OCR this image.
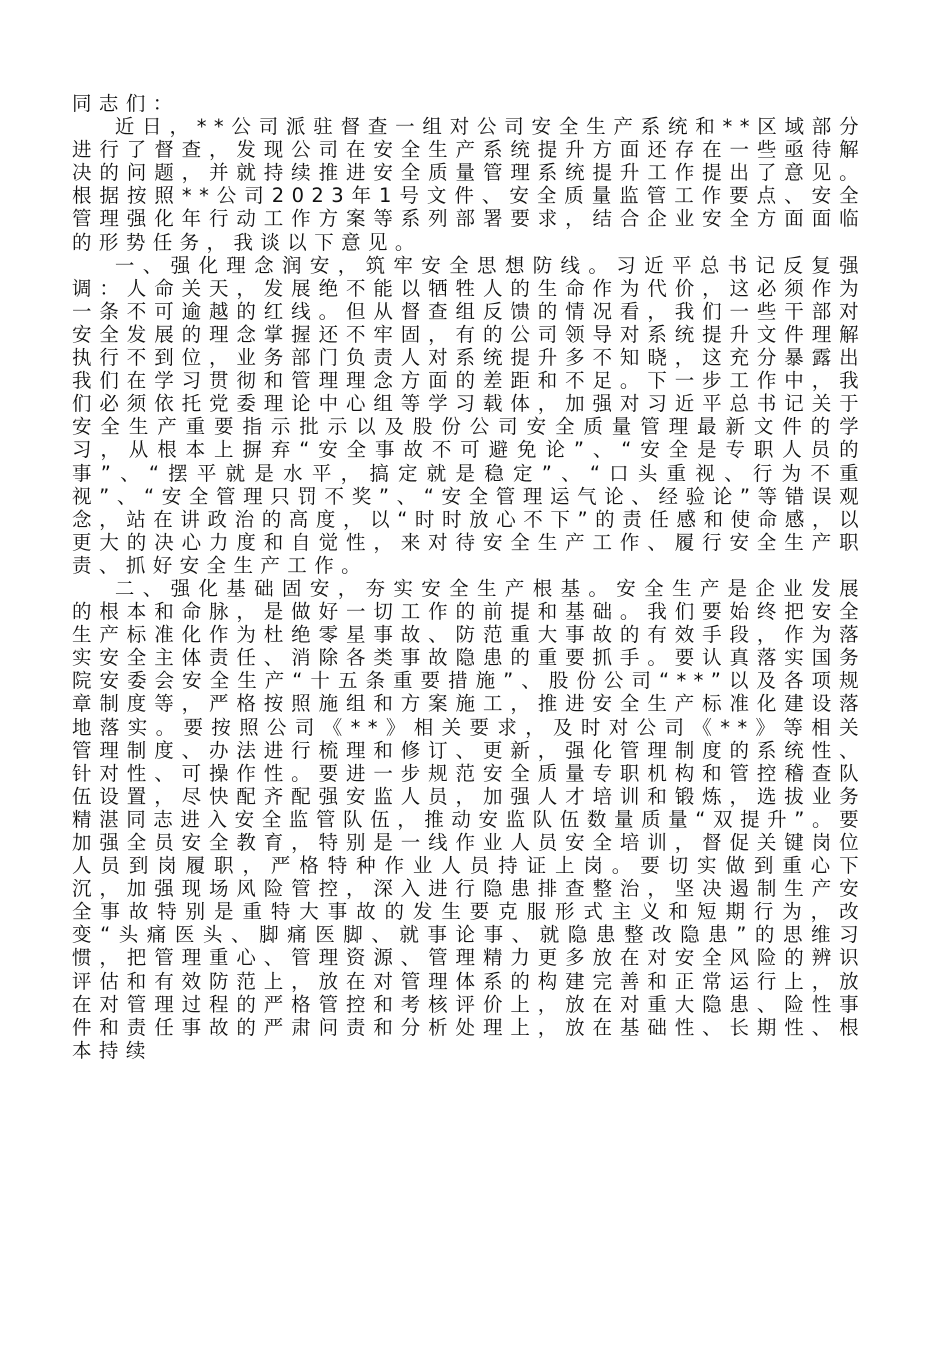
同志们：

近日，**公司派驻督查一组对公司安全生产系统和**区域部分进行了督查，发现公司在安全生产系统提升方面还存在一些亟待解决的问题，并就持续推进安全质量管理系统提升工作提出了意见。根据按照**公司2023年1号文件、安全质量监管工作要点、安全管理强化年行动工作方案等系列部署要求，结合企业安全方面面临的形势任务，我谈以下意见。

一、强化理念润安，筑牢安全思想防线。习近平总书记反复强调：人命关天，发展绝不能以牺牲人的生命作为代价，这必须作为一条不可逾越的红线。但从督查组反馈的情况看，我们一些干部对安全发展的理念掌握还不牢固，有的公司领导对系统提升文件理解执行不到位，业务部门负责人对系统提升多不知晓，这充分暴露出我们在学习贯彻和管理理念方面的差距和不足。下一步工作中，我们必须依托党委理论中心组等学习载体，加强对习近平总书记关于安全生产重要指示批示以及股份公司安全质量管理最新文件的学习，从根本上摒弃“安全事故不可避免论”、“安全是专职人员的事”、“摆平就是水平，搞定就是稳定”、“口头重视、行为不重视”、“安全管理只罚不奖”、“安全管理运气论、经验论”等错误观念，站在讲政治的高度，以“时时放心不下”的责任感和使命感，以更大的决心力度和自觉性，来对待安全生产工作、履行安全生产职责、抓好安全生产工作。

二、强化基础固安，夯实安全生产根基。安全生产是企业发展的根本和命脉，是做好一切工作的前提和基础。我们要始终把安全生产标准化作为杜绝零星事故、防范重大事故的有效手段，作为落实安全主体责任、消除各类事故隐患的重要抓手。要认真落实国务院安委会安全生产“十五条重要措施”、股份公司“**”以及各项规章制度等，严格按照施组和方案施工，推进安全生产标准化建设落地落实。要按照公司《**》相关要求，及时对公司《**》等相关管理制度、办法进行梳理和修订、更新，强化管理制度的系统性、针对性、可操作性。要进一步规范安全质量专职机构和管控稽查队伍设置，尽快配齐配强安监人员，加强人才培训和锻炼，选拔业务精湛同志进入安全监管队伍，推动安监队伍数量质量“双提升”。要加强全员安全教育，特别是一线作业人员安全培训，督促关键岗位人员到岗履职，严格特种作业人员持证上岗。要切实做到重心下沉，加强现场风险管控，深入进行隐患排查整治，坚决遏制生产安全事故特别是重特大事故的发生要克服形式主义和短期行为，改变“头痛医头、脚痛医脚、就事论事、就隐患整改隐患”的思维习惯，把管理重心、管理资源、管理精力更多放在对安全风险的辨识评估和有效防范上，放在对管理体系的构建完善和正常运行上，放在对管理过程的严格管控和考核评价上，放在对重大隐患、险性事件和责任事故的严肃问责和分析处理上，放在基础性、长期性、根本持续
